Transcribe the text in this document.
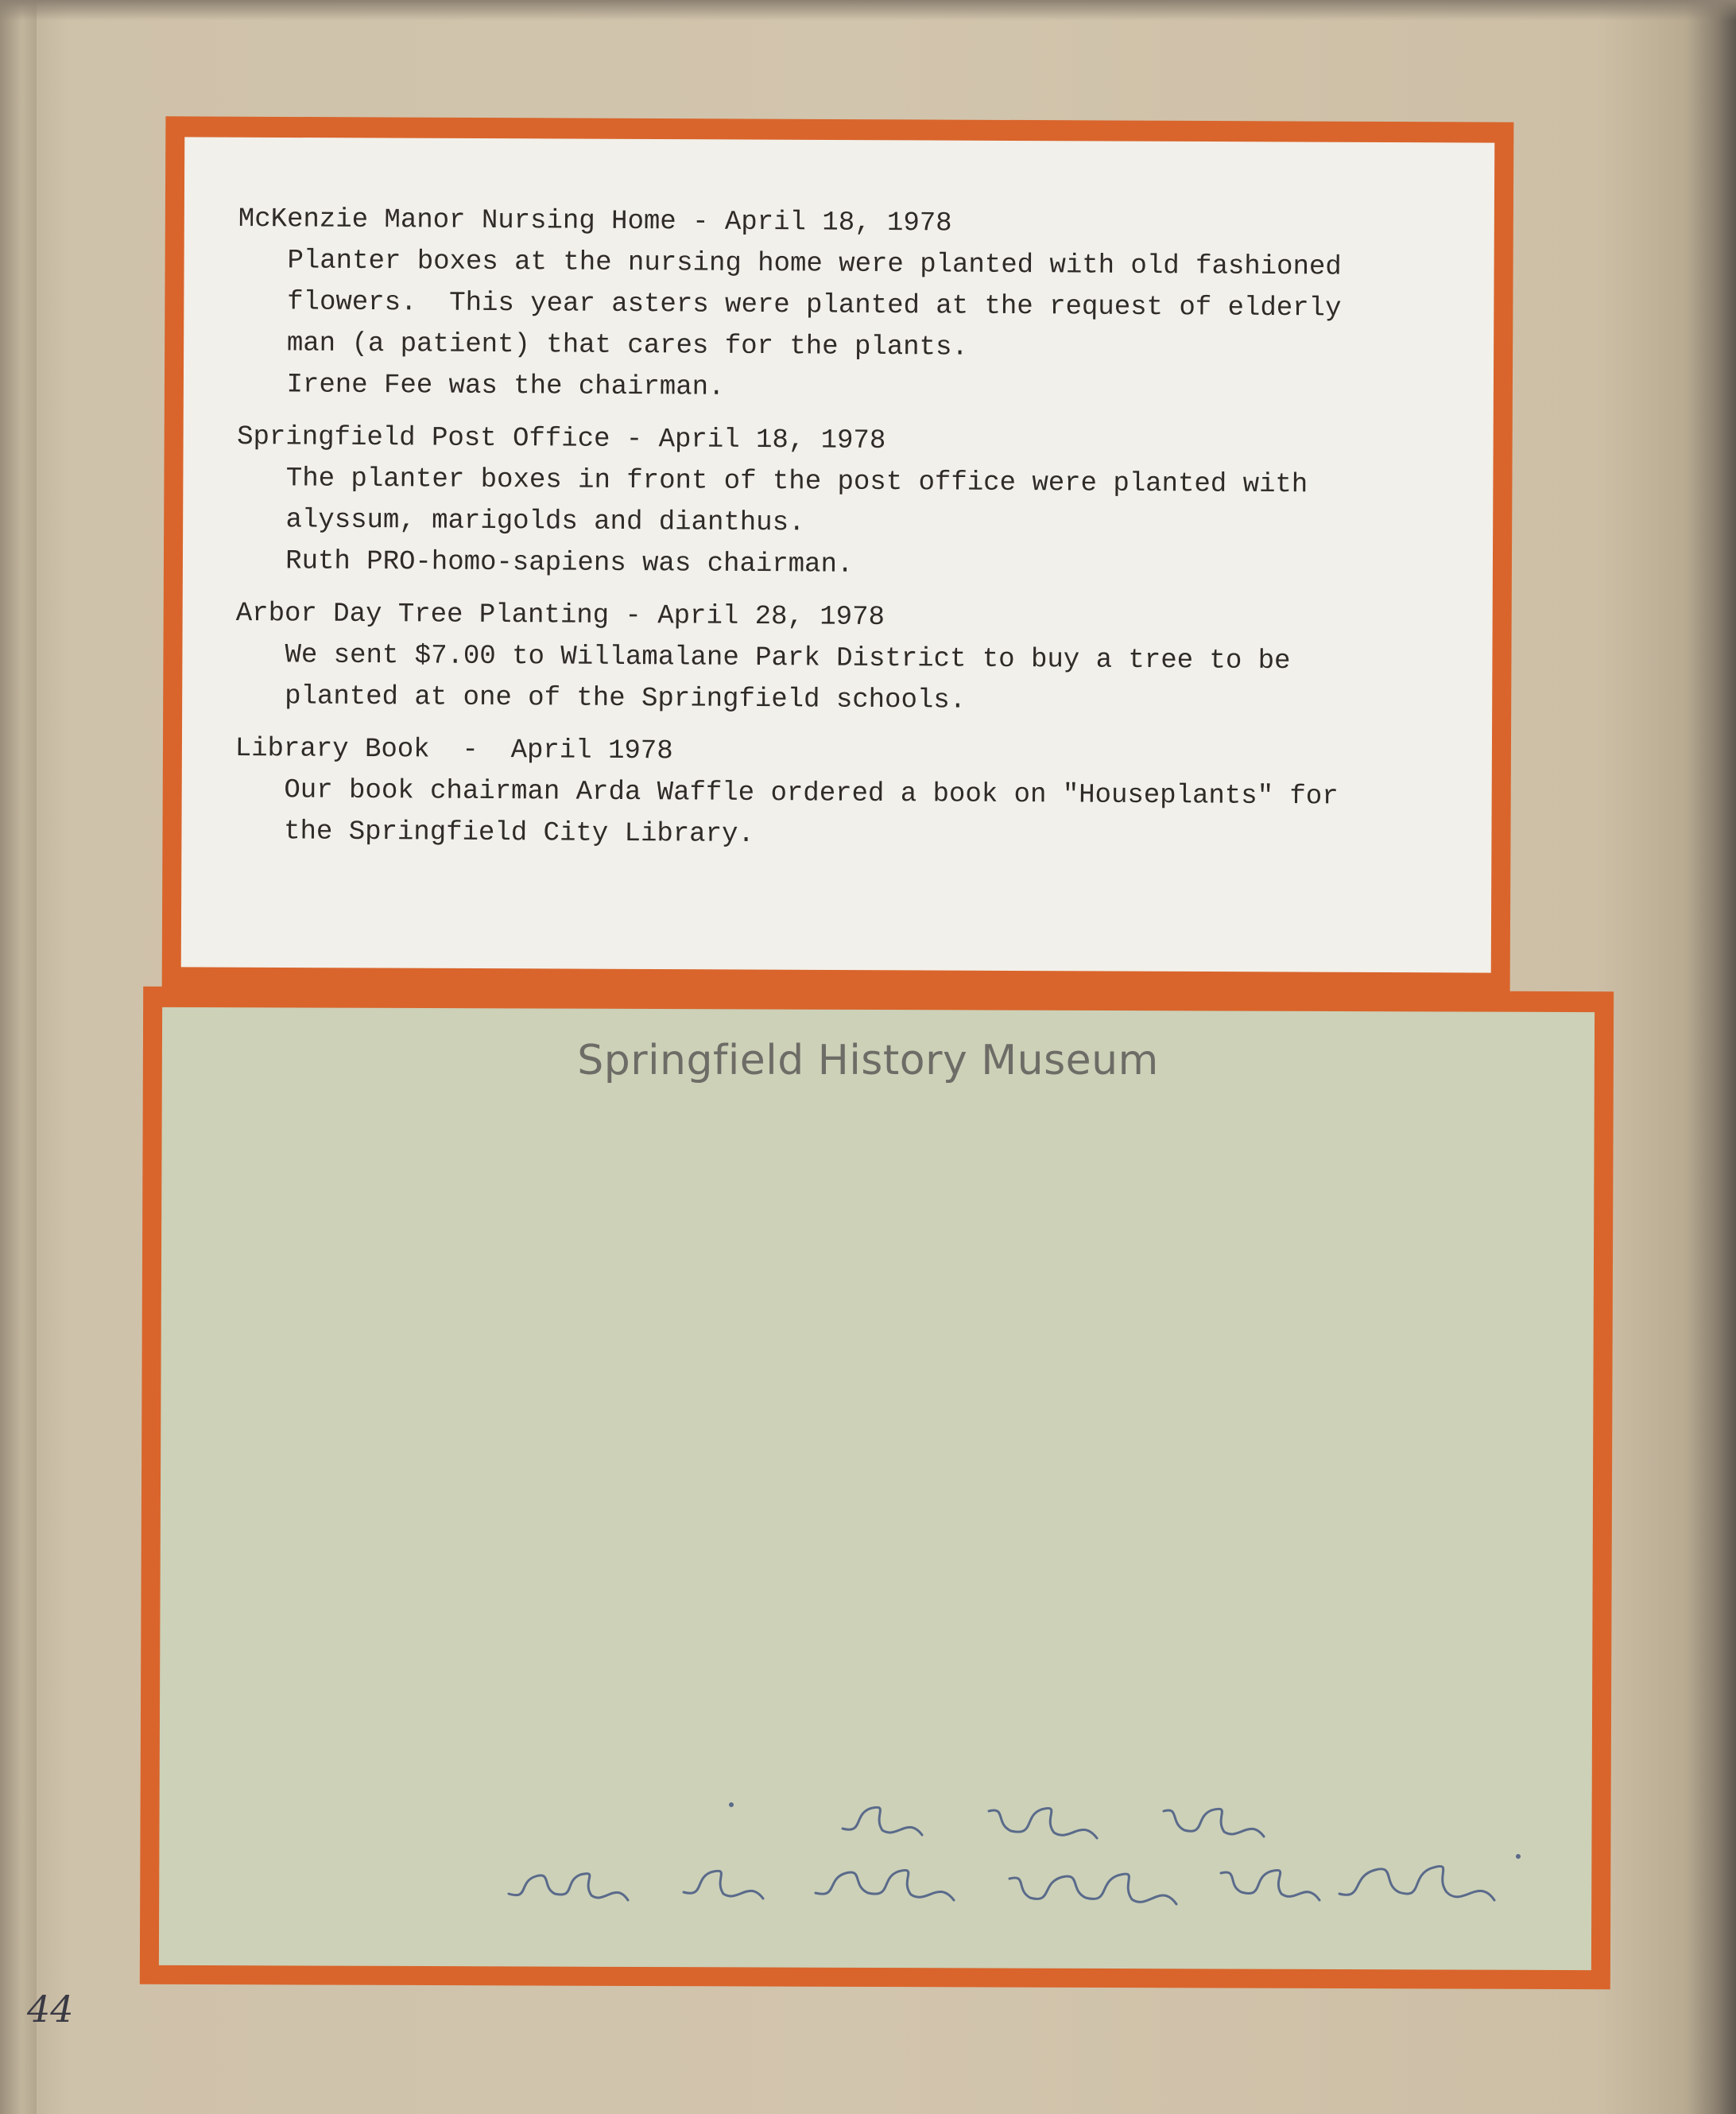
McKenzie Manor Nursing Home - April 18, 1978
Planter boxes at the nursing home were planted with old fashioned
flowers.  This year asters were planted at the request of elderly
man (a patient) that cares for the plants.
Irene Fee was the chairman.
Springfield Post Office - April 18, 1978
The planter boxes in front of the post office were planted with
alyssum, marigolds and dianthus.
Ruth PRO-homo-sapiens was chairman.
Arbor Day Tree Planting - April 28, 1978
We sent $7.00 to Willamalane Park District to buy a tree to be
planted at one of the Springfield schools.
Library Book  -  April 1978
Our book chairman Arda Waffle ordered a book on "Houseplants" for
the Springfield City Library.
Springfield History Museum
44
